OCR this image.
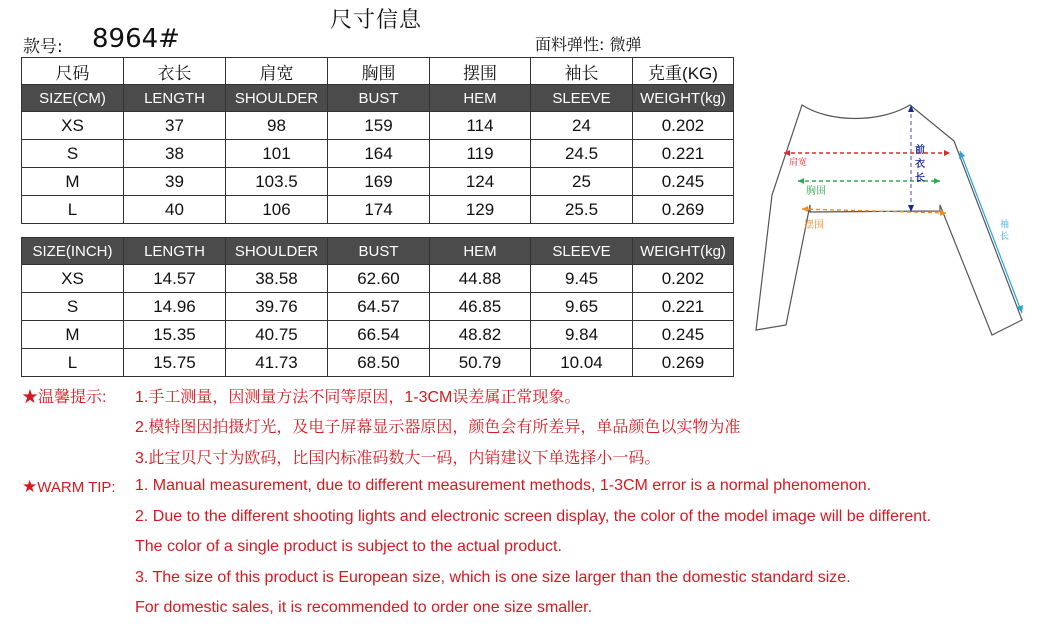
尺寸信息
款号: 8964#	面料弹性: 微弹
尺码	衣长	肩宽	胸围	摆围	袖长	克重(KG)
SIZE(CM)	LENGTH	SHOULDER	BUST	HEM	SLEEVE	WEIGHT(kg)
XS	37	98	159	114	24	0.202
S	38	101	164	119	24.5	0.221
M	39	103.5	169	124	25	0.245
L	40	106	174	129	25.5	0.269
SIZE(INCH)	LENGTH	SHOULDER	BUST	HEM	SLEEVE	WEIGHT(kg)
XS	14.57	38.58	62.60	44.88	9.45	0.202
S	14.96	39.76	64.57	46.85	9.65	0.221
M	15.35	40.75	66.54	48.82	9.84	0.245
L	15.75	41.73	68.50	50.79	10.04	0.269
肩宽
胸围
摆围
前 衣 长
袖 长
★温馨提示: 1.手工测量，因测量方法不同等原因，1-3CM误差属正常现象。
2.模特图因拍摄灯光，及电子屏幕显示器原因，颜色会有所差异，单品颜色以实物为准
3.此宝贝尺寸为欧码，比国内标准码数大一码，内销建议下单选择小一码。
★WARM TIP: 1. Manual measurement, due to different measurement methods, 1-3CM error is a normal phenomenon.
2. Due to the different shooting lights and electronic screen display, the color of the model image will be different.
The color of a single product is subject to the actual product.
3. The size of this product is European size, which is one size larger than the domestic standard size.
For domestic sales, it is recommended to order one size smaller.
